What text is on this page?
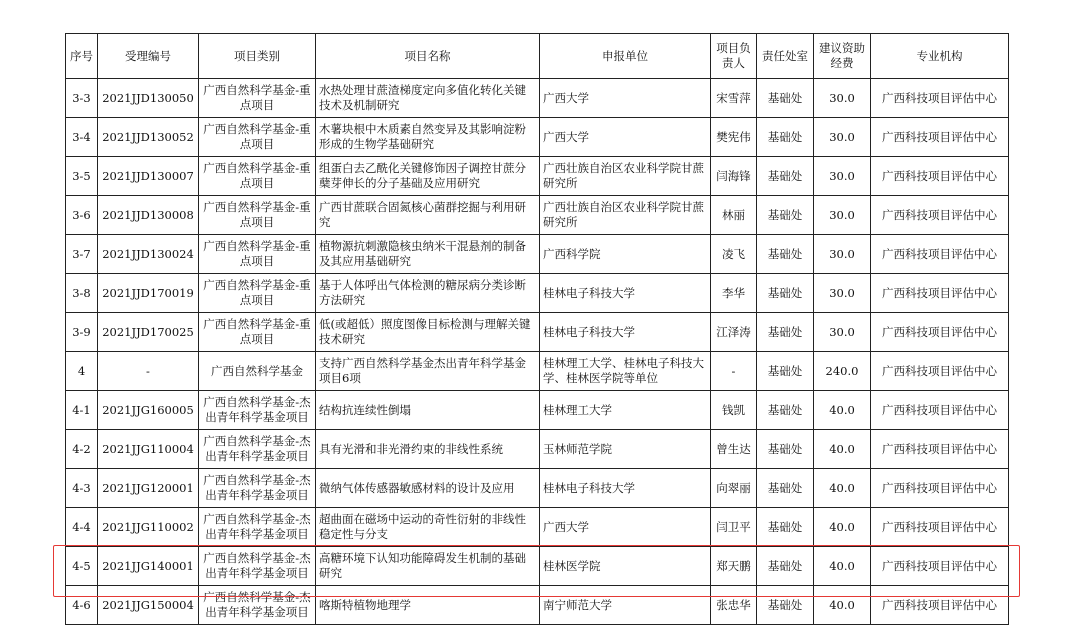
序号	受理编号	项目类别	项目名称	申报单位	项目负责人	责任处室	建议资助经费	专业机构
3-3	2021JJD130050	广西自然科学基金-重点项目	水热处理甘蔗渣梯度定向多值化转化关键技术及机制研究	广西大学	宋雪萍	基础处	30.0	广西科技项目评估中心
3-4	2021JJD130052	广西自然科学基金-重点项目	木薯块根中木质素自然变异及其影响淀粉形成的生物学基础研究	广西大学	樊宪伟	基础处	30.0	广西科技项目评估中心
3-5	2021JJD130007	广西自然科学基金-重点项目	组蛋白去乙酰化关键修饰因子调控甘蔗分蘖芽伸长的分子基础及应用研究	广西壮族自治区农业科学院甘蔗研究所	闫海锋	基础处	30.0	广西科技项目评估中心
3-6	2021JJD130008	广西自然科学基金-重点项目	广西甘蔗联合固氮核心菌群挖掘与利用研究	广西壮族自治区农业科学院甘蔗研究所	林丽	基础处	30.0	广西科技项目评估中心
3-7	2021JJD130024	广西自然科学基金-重点项目	植物源抗刺激隐核虫纳米干混悬剂的制备及其应用基础研究	广西科学院	凌飞	基础处	30.0	广西科技项目评估中心
3-8	2021JJD170019	广西自然科学基金-重点项目	基于人体呼出气体检测的糖尿病分类诊断方法研究	桂林电子科技大学	李华	基础处	30.0	广西科技项目评估中心
3-9	2021JJD170025	广西自然科学基金-重点项目	低(或超低）照度图像目标检测与理解关键技术研究	桂林电子科技大学	江泽涛	基础处	30.0	广西科技项目评估中心
4	-	广西自然科学基金	支持广西自然科学基金杰出青年科学基金项目6项	桂林理工大学、桂林电子科技大学、桂林医学院等单位	-	基础处	240.0	广西科技项目评估中心
4-1	2021JJG160005	广西自然科学基金-杰出青年科学基金项目	结构抗连续性倒塌	桂林理工大学	钱凯	基础处	40.0	广西科技项目评估中心
4-2	2021JJG110004	广西自然科学基金-杰出青年科学基金项目	具有光滑和非光滑约束的非线性系统	玉林师范学院	曾生达	基础处	40.0	广西科技项目评估中心
4-3	2021JJG120001	广西自然科学基金-杰出青年科学基金项目	微纳气体传感器敏感材料的设计及应用	桂林电子科技大学	向翠丽	基础处	40.0	广西科技项目评估中心
4-4	2021JJG110002	广西自然科学基金-杰出青年科学基金项目	超曲面在磁场中运动的奇性衍射的非线性稳定性与分支	广西大学	闫卫平	基础处	40.0	广西科技项目评估中心
4-5	2021JJG140001	广西自然科学基金-杰出青年科学基金项目	高糖环境下认知功能障碍发生机制的基础研究	桂林医学院	郑天鹏	基础处	40.0	广西科技项目评估中心
4-6	2021JJG150004	广西自然科学基金-杰出青年科学基金项目	喀斯特植物地理学	南宁师范大学	张忠华	基础处	40.0	广西科技项目评估中心
